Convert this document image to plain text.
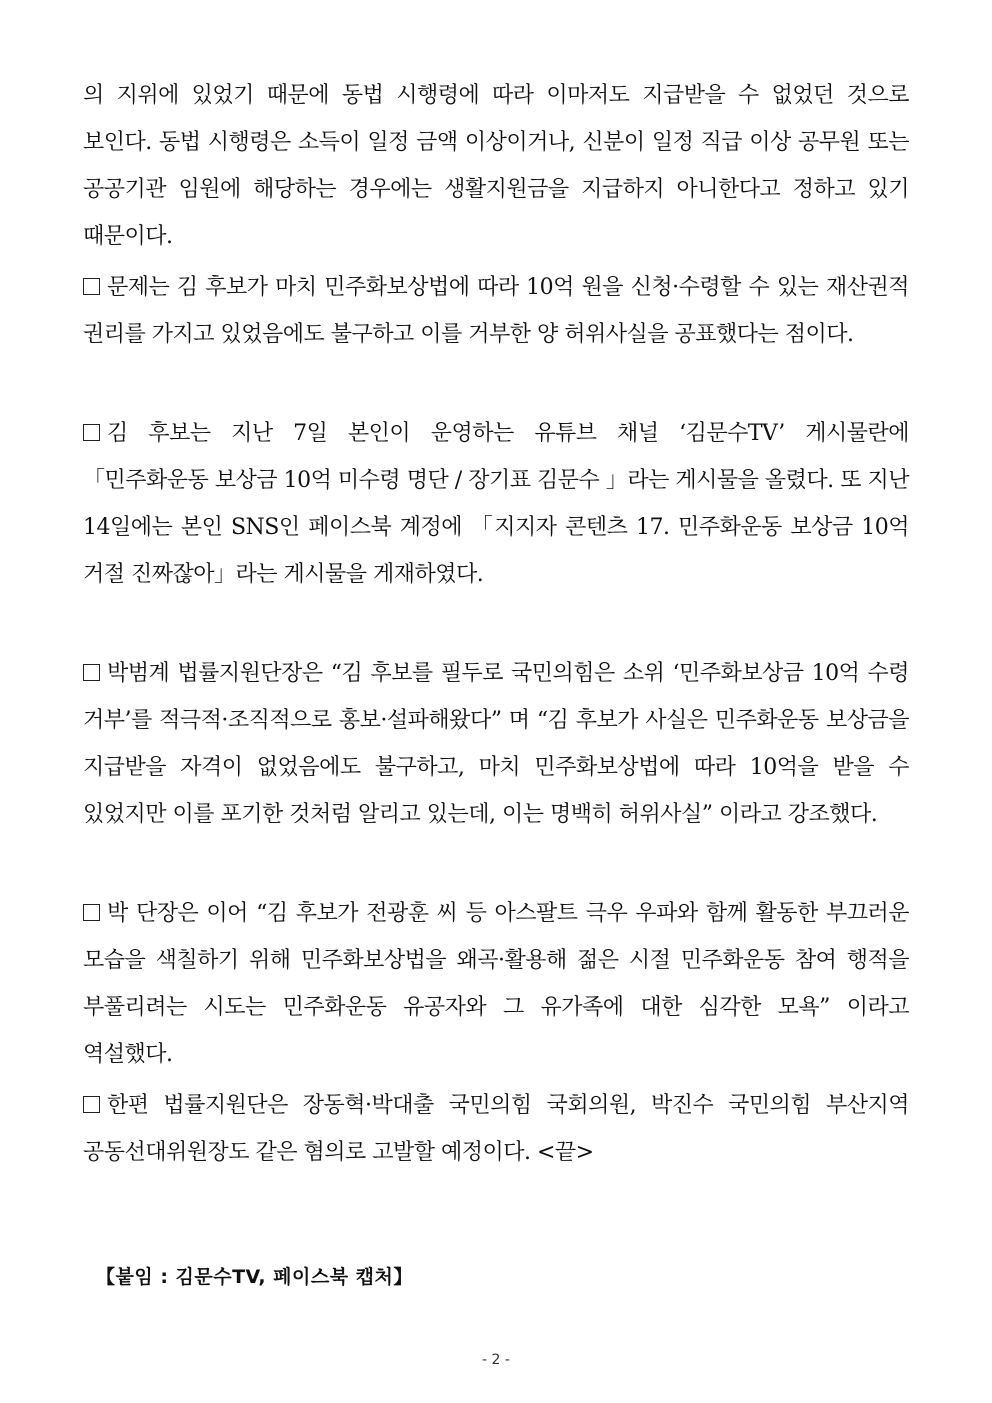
의 지위에 있었기 때문에 동법 시행령에 따라 이마저도 지급받을 수 없었던 것으로 보인다. 동법 시행령은 소득이 일정 금액 이상이거나, 신분이 일정 직급 이상 공무원 또는 공공기관 임원에 해당하는 경우에는 생활지원금을 지급하지 아니한다고 정하고 있기 때문이다.

문제는 김 후보가 마치 민주화보상법에 따라 10억 원을 신청·수령할 수 있는 재산권적 권리를 가지고 있었음에도 불구하고 이를 거부한 양 허위사실을 공표했다는 점이다.

김 후보는 지난 7일 본인이 운영하는 유튜브 채널 ‘김문수TV’ 게시물란에 「민주화운동 보상금 10억 미수령 명단 / 장기표 김문수 」라는 게시물을 올렸다. 또 지난 14일에는 본인 SNS인 페이스북 계정에 「지지자 콘텐츠 17. 민주화운동 보상금 10억 거절 진짜잖아」라는 게시물을 게재하였다.

박범계 법률지원단장은 “김 후보를 필두로 국민의힘은 소위 ‘민주화보상금 10억 수령 거부’를 적극적·조직적으로 홍보·설파해왔다” 며 “김 후보가 사실은 민주화운동 보상금을 지급받을 자격이 없었음에도 불구하고, 마치 민주화보상법에 따라 10억을 받을 수 있었지만 이를 포기한 것처럼 알리고 있는데, 이는 명백히 허위사실” 이라고 강조했다.

박 단장은 이어 “김 후보가 전광훈 씨 등 아스팔트 극우 우파와 함께 활동한 부끄러운 모습을 색칠하기 위해 민주화보상법을 왜곡·활용해 젊은 시절 민주화운동 참여 행적을 부풀리려는 시도는 민주화운동 유공자와 그 유가족에 대한 심각한 모욕” 이라고 역설했다.

한편 법률지원단은 장동혁·박대출 국민의힘 국회의원, 박진수 국민의힘 부산지역 공동선대위원장도 같은 혐의로 고발할 예정이다. <끝>

【붙임 : 김문수TV, 페이스북 캡처】

- 2 -
